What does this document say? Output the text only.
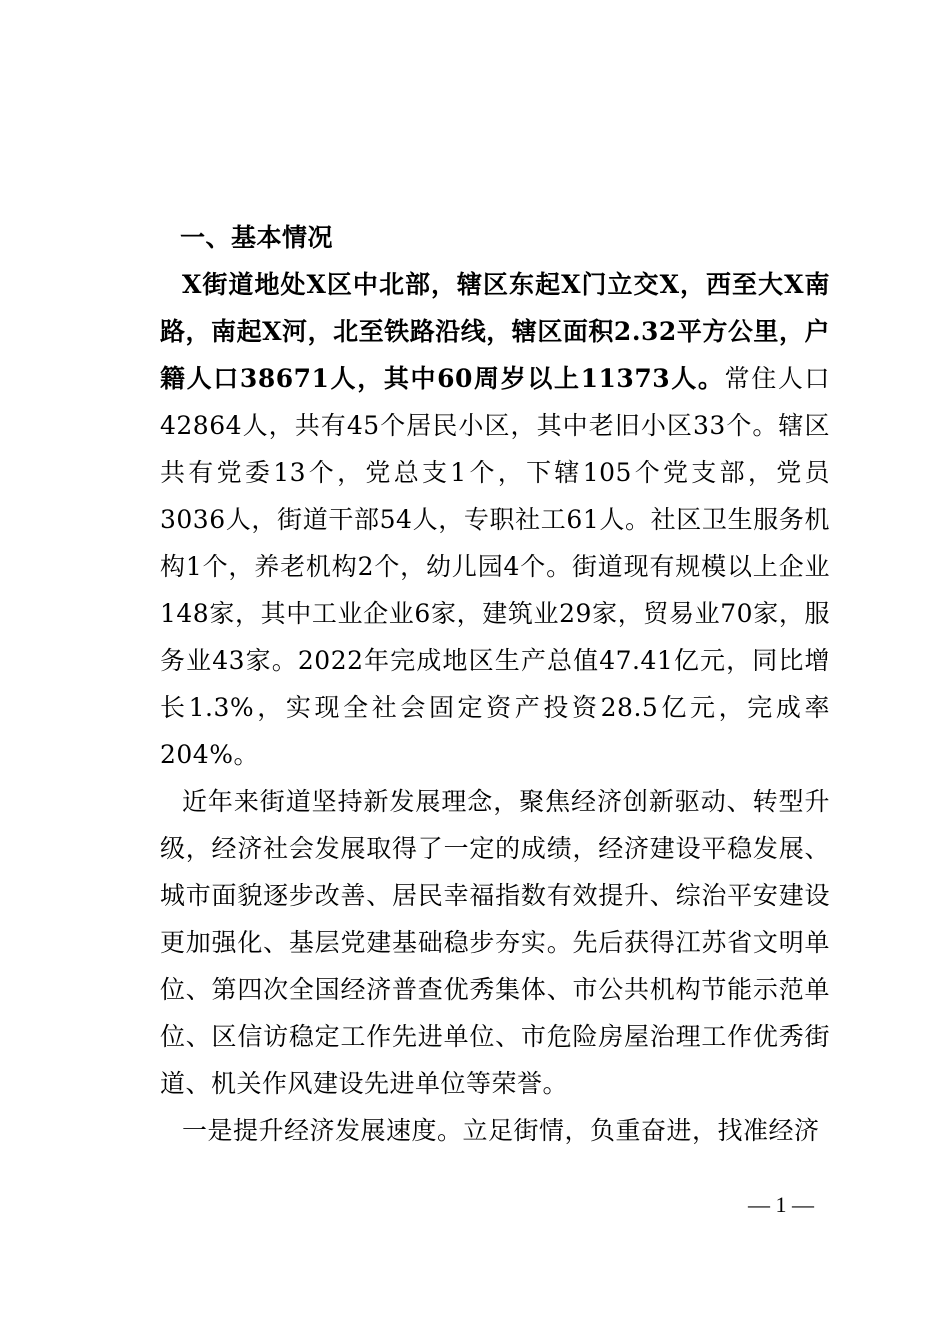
一、基本情况

X街道地处X区中北部，辖区东起X门立交X，西至大X南路，南起X河，北至铁路沿线，辖区面积2.32平方公里，户籍人口38671人，其中60周岁以上11373人。常住人口42864人，共有45个居民小区，其中老旧小区33个。辖区共有党委13个，党总支1个，下辖105个党支部，党员3036人，街道干部54人，专职社工61人。社区卫生服务机构1个，养老机构2个，幼儿园4个。街道现有规模以上企业148家，其中工业企业6家，建筑业29家，贸易业70家，服务业43家。2022年完成地区生产总值47.41亿元，同比增长1.3%，实现全社会固定资产投资28.5亿元，完成率204%。

近年来街道坚持新发展理念，聚焦经济创新驱动、转型升级，经济社会发展取得了一定的成绩，经济建设平稳发展、城市面貌逐步改善、居民幸福指数有效提升、综治平安建设更加强化、基层党建基础稳步夯实。先后获得江苏省文明单位、第四次全国经济普查优秀集体、市公共机构节能示范单位、区信访稳定工作先进单位、市危险房屋治理工作优秀街道、机关作风建设先进单位等荣誉。

一是提升经济发展速度。立足街情，负重奋进，找准经济

— 1 —
